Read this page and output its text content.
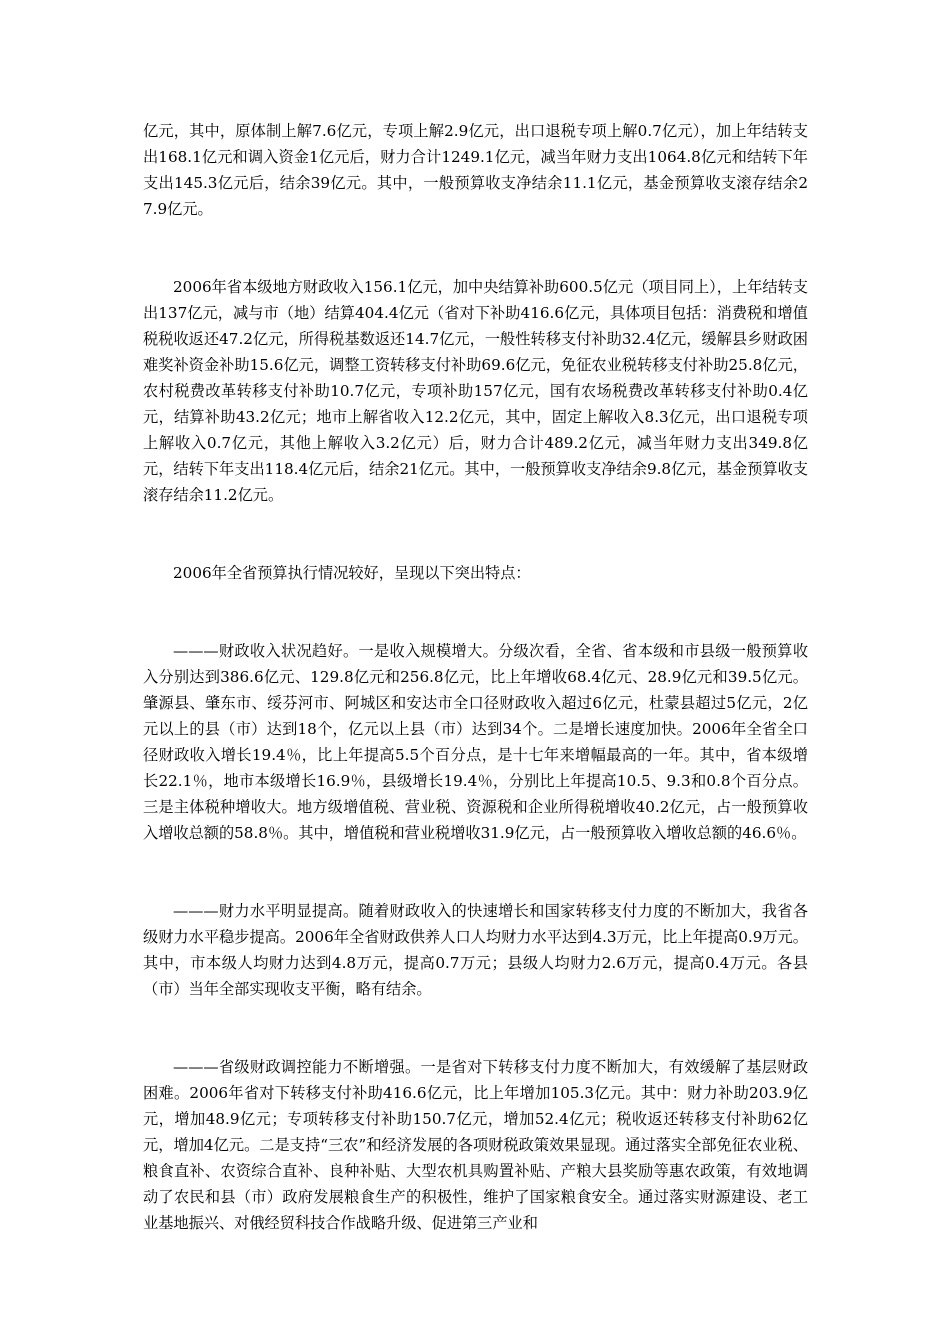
亿元，其中，原体制上解7.6亿元，专项上解2.9亿元，出口退税专项上解0.7亿元），加上年结转支出168.1亿元和调入资金1亿元后，财力合计1249.1亿元，减当年财力支出1064.8亿元和结转下年支出145.3亿元后，结余39亿元。其中，一般预算收支净结余11.1亿元，基金预算收支滚存结余27.9亿元。

2006年省本级地方财政收入156.1亿元，加中央结算补助600.5亿元（项目同上），上年结转支出137亿元，减与市（地）结算404.4亿元（省对下补助416.6亿元，具体项目包括：消费税和增值税税收返还47.2亿元，所得税基数返还14.7亿元，一般性转移支付补助32.4亿元，缓解县乡财政困难奖补资金补助15.6亿元，调整工资转移支付补助69.6亿元，免征农业税转移支付补助25.8亿元，农村税费改革转移支付补助10.7亿元，专项补助157亿元，国有农场税费改革转移支付补助0.4亿元，结算补助43.2亿元；地市上解省收入12.2亿元，其中，固定上解收入8.3亿元，出口退税专项上解收入0.7亿元，其他上解收入3.2亿元）后，财力合计489.2亿元，减当年财力支出349.8亿元，结转下年支出118.4亿元后，结余21亿元。其中，一般预算收支净结余9.8亿元，基金预算收支滚存结余11.2亿元。

2006年全省预算执行情况较好，呈现以下突出特点：

———财政收入状况趋好。一是收入规模增大。分级次看，全省、省本级和市县级一般预算收入分别达到386.6亿元、129.8亿元和256.8亿元，比上年增收68.4亿元、28.9亿元和39.5亿元。肇源县、肇东市、绥芬河市、阿城区和安达市全口径财政收入超过6亿元，杜蒙县超过5亿元，2亿元以上的县（市）达到18个，亿元以上县（市）达到34个。二是增长速度加快。2006年全省全口径财政收入增长19.4％，比上年提高5.5个百分点，是十七年来增幅最高的一年。其中，省本级增长22.1％，地市本级增长16.9％，县级增长19.4％，分别比上年提高10.5、9.3和0.8个百分点。三是主体税种增收大。地方级增值税、营业税、资源税和企业所得税增收40.2亿元，占一般预算收入增收总额的58.8％。其中，增值税和营业税增收31.9亿元，占一般预算收入增收总额的46.6％。

———财力水平明显提高。随着财政收入的快速增长和国家转移支付力度的不断加大，我省各级财力水平稳步提高。2006年全省财政供养人口人均财力水平达到4.3万元，比上年提高0.9万元。其中，市本级人均财力达到4.8万元，提高0.7万元；县级人均财力2.6万元，提高0.4万元。各县（市）当年全部实现收支平衡，略有结余。

———省级财政调控能力不断增强。一是省对下转移支付力度不断加大，有效缓解了基层财政困难。2006年省对下转移支付补助416.6亿元，比上年增加105.3亿元。其中：财力补助203.9亿元，增加48.9亿元；专项转移支付补助150.7亿元，增加52.4亿元；税收返还转移支付补助62亿元，增加4亿元。二是支持“三农”和经济发展的各项财税政策效果显现。通过落实全部免征农业税、粮食直补、农资综合直补、良种补贴、大型农机具购置补贴、产粮大县奖励等惠农政策，有效地调动了农民和县（市）政府发展粮食生产的积极性，维护了国家粮食安全。通过落实财源建设、老工业基地振兴、对俄经贸科技合作战略升级、促进第三产业和
